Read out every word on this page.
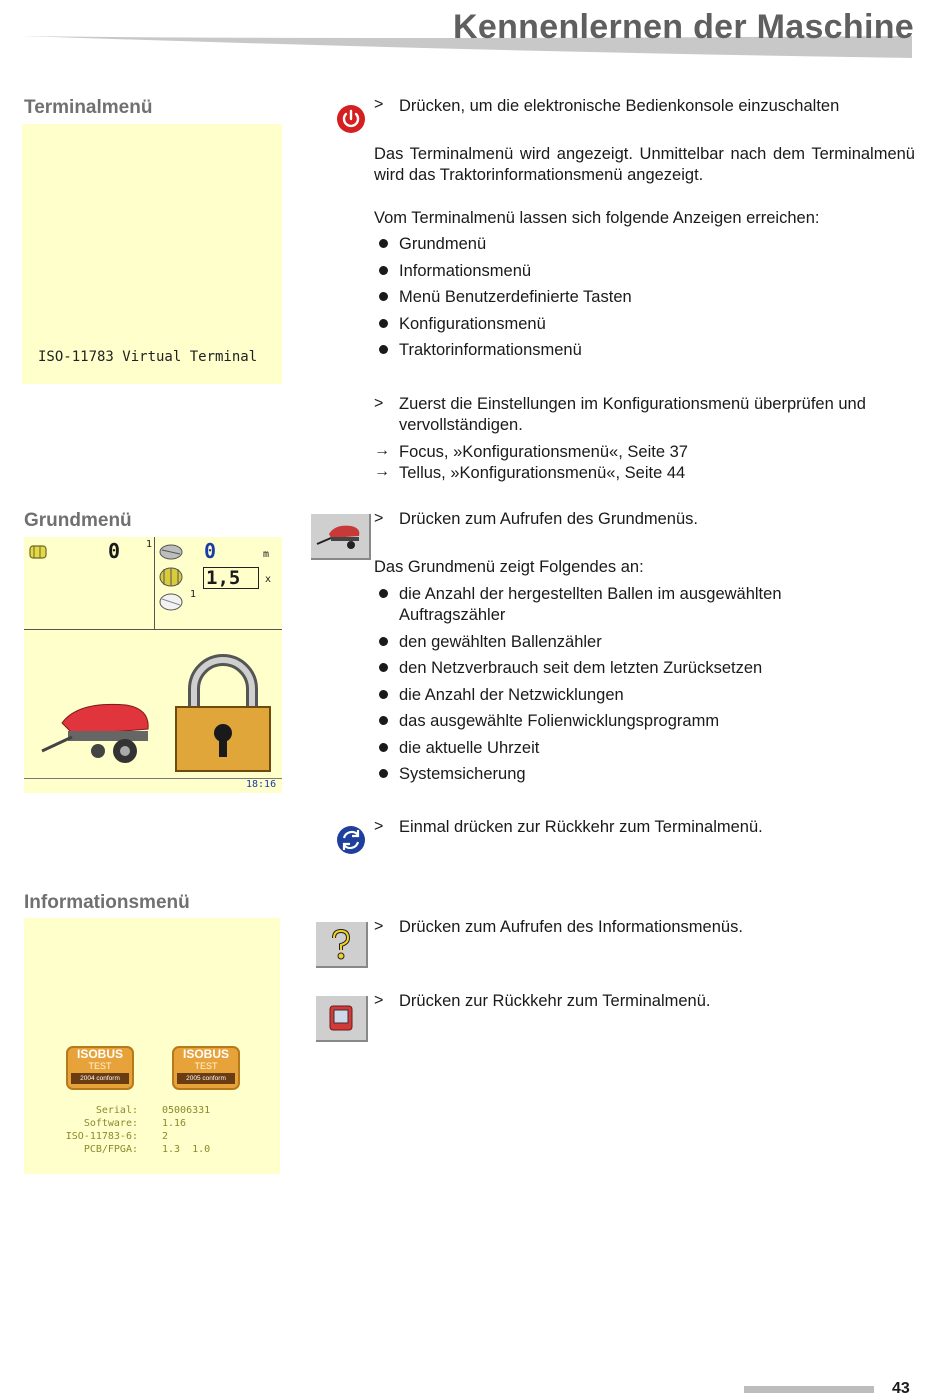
Kennenlernen der Maschine
Terminalmenü
ISO-11783 Virtual Terminal
> Drücken, um die elektronische Bedienkonsole einzuschalten
Das Terminalmenü wird angezeigt. Unmittelbar nach dem Terminalmenü wird das Traktorinformationsmenü angezeigt.
Vom Terminalmenü lassen sich folgende Anzeigen erreichen:
Grundmenü
Informationsmenü
Menü Benutzerdefinierte Tasten
Konfigurationsmenü
Traktorinformationsmenü
> Zuerst die Einstellungen im Konfigurationsmenü überprüfen und vervollständigen.
→ Focus, »Konfigurationsmenü«, Seite 37
→ Tellus, »Konfigurationsmenü«, Seite 44
Grundmenü
0	1	0	m
1,5	x
1
18:16
> Drücken zum Aufrufen des Grundmenüs.
Das Grundmenü zeigt Folgendes an:
die Anzahl der hergestellten Ballen im ausgewählten Auftragszähler
den gewählten Ballenzähler
den Netzverbrauch seit dem letzten Zurücksetzen
die Anzahl der Netzwicklungen
das ausgewählte Folienwicklungsprogramm
die aktuelle Uhrzeit
Systemsicherung
> Einmal drücken zur Rückkehr zum Terminalmenü.
Informationsmenü
ISOBUS
TEST
2004 conform
ISOBUS
TEST
2005 conform
Serial: 05006331
Software: 1.16
ISO-11783-6: 2
PCB/FPGA: 1.3  1.0
> Drücken zum Aufrufen des Informationsmenüs.
> Drücken zur Rückkehr zum Terminalmenü.
43
